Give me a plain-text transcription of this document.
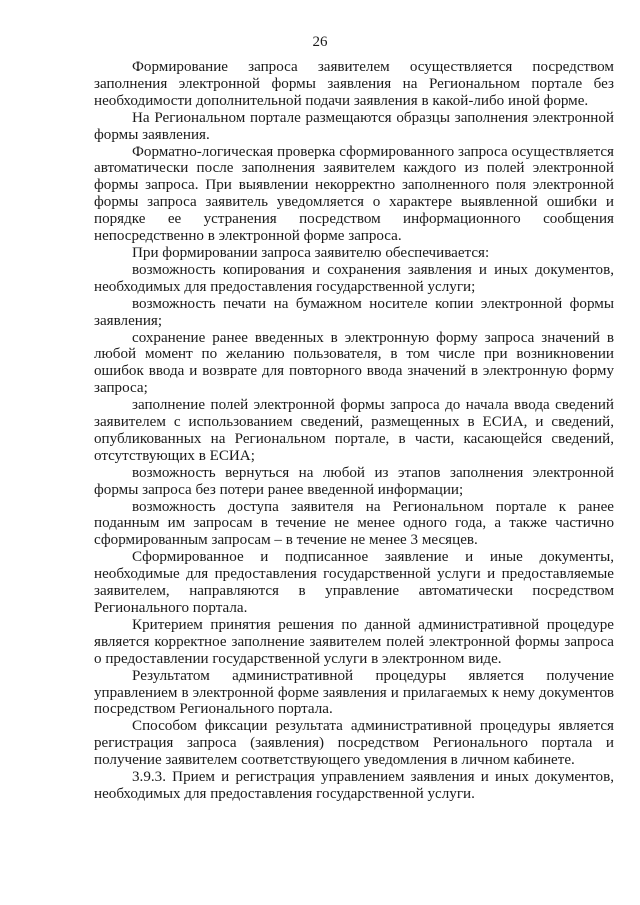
26

Формирование запроса заявителем осуществляется посредством заполнения электронной формы заявления на Региональном портале без необходимости дополнительной подачи заявления в какой-либо иной форме.

На Региональном портале размещаются образцы заполнения электронной формы заявления.

Форматно-логическая проверка сформированного запроса осуществляется автоматически после заполнения заявителем каждого из полей электронной формы запроса. При выявлении некорректно заполненного поля электронной формы запроса заявитель уведомляется о характере выявленной ошибки и порядке ее устранения посредством информационного сообщения непосредственно в электронной форме запроса.

При формировании запроса заявителю обеспечивается:

возможность копирования и сохранения заявления и иных документов, необходимых для предоставления государственной услуги;

возможность печати на бумажном носителе копии электронной формы заявления;

сохранение ранее введенных в электронную форму запроса значений в любой момент по желанию пользователя, в том числе при возникновении ошибок ввода и возврате для повторного ввода значений в электронную форму запроса;

заполнение полей электронной формы запроса до начала ввода сведений заявителем с использованием сведений, размещенных в ЕСИА, и сведений, опубликованных на Региональном портале, в части, касающейся сведений, отсутствующих в ЕСИА;

возможность вернуться на любой из этапов заполнения электронной формы запроса без потери ранее введенной информации;

возможность доступа заявителя на Региональном портале к ранее поданным им запросам в течение не менее одного года, а также частично сформированным запросам – в течение не менее 3 месяцев.

Сформированное и подписанное заявление и иные документы, необходимые для предоставления государственной услуги и предоставляемые заявителем, направляются в управление автоматически посредством Регионального портала.

Критерием принятия решения по данной административной процедуре является корректное заполнение заявителем полей электронной формы запроса о предоставлении государственной услуги в электронном виде.

Результатом административной процедуры является получение управлением в электронной форме заявления и прилагаемых к нему документов посредством Регионального портала.

Способом фиксации результата административной процедуры является регистрация запроса (заявления) посредством Регионального портала и получение заявителем соответствующего уведомления в личном кабинете.

3.9.3. Прием и регистрация управлением заявления и иных документов, необходимых для предоставления государственной услуги.
